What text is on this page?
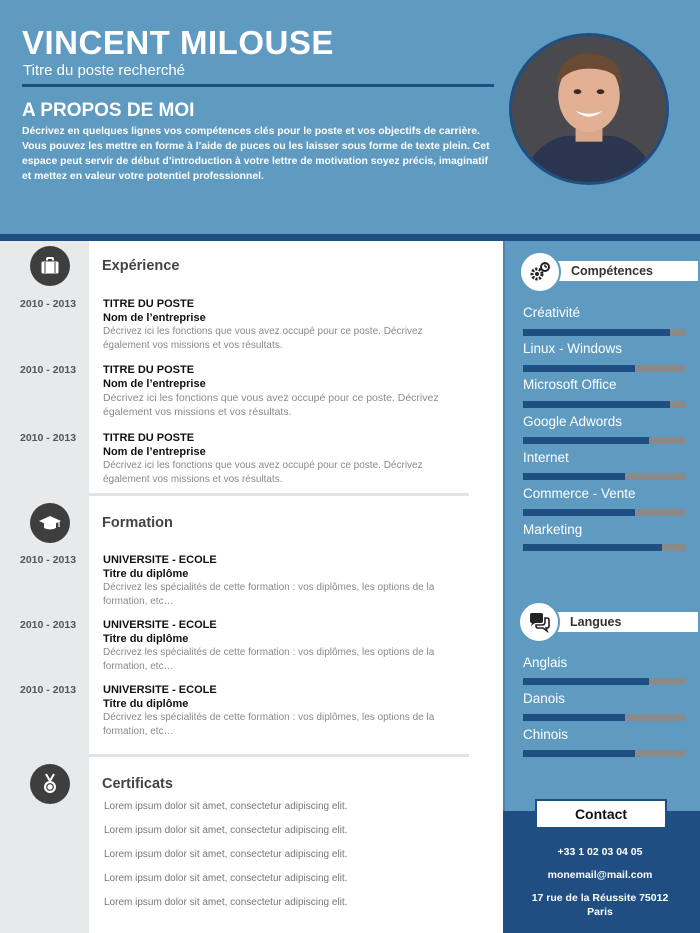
VINCENT MILOUSE
Titre du poste recherché
A PROPOS DE MOI
Décrivez en quelques lignes vos compétences clés pour le poste et vos objectifs de carrière. Vous pouvez les mettre en forme à l’aide de puces ou les laisser sous forme de texte plein. Cet espace peut servir de début d’introduction à votre lettre de motivation soyez précis, imaginatif et mettez en valeur votre potentiel professionnel.
Expérience
2010 - 2013 TITRE DU POSTE
Nom de l’entreprise
Décrivez ici les fonctions que vous avez occupé pour ce poste. Décrivez également vos missions et vos résultats.
2010 - 2013 TITRE DU POSTE
Nom de l’entreprise
Décrivez ici les fonctions que vous avez occupé pour ce poste. Décrivez également vos missions et vos résultats.
2010 - 2013 TITRE DU POSTE
Nom de l’entreprise
Décrivez ici les fonctions que vous avez occupé pour ce poste. Décrivez également vos missions et vos résultats.
Formation
2010 - 2013 UNIVERSITE - ECOLE
Titre du diplôme
Décrivez les spécialités de cette formation : vos diplômes, les options de la formation, etc…
2010 - 2013 UNIVERSITE - ECOLE
Titre du diplôme
Décrivez les spécialités de cette formation : vos diplômes, les options de la formation, etc…
2010 - 2013 UNIVERSITE - ECOLE
Titre du diplôme
Décrivez les spécialités de cette formation : vos diplômes, les options de la formation, etc…
Certificats
Lorem ipsum dolor sit amet, consectetur adipiscing elit.
Lorem ipsum dolor sit amet, consectetur adipiscing elit.
Lorem ipsum dolor sit amet, consectetur adipiscing elit.
Lorem ipsum dolor sit amet, consectetur adipiscing elit.
Lorem ipsum dolor sit amet, consectetur adipiscing elit.
Compétences
Créativité
Linux - Windows
Microsoft Office
Google Adwords
Internet
Commerce - Vente
Marketing
Langues
Anglais
Danois
Chinois
Contact
+33 1 02 03 04 05
monemail@mail.com
17 rue de la Réussite 75012
Paris
